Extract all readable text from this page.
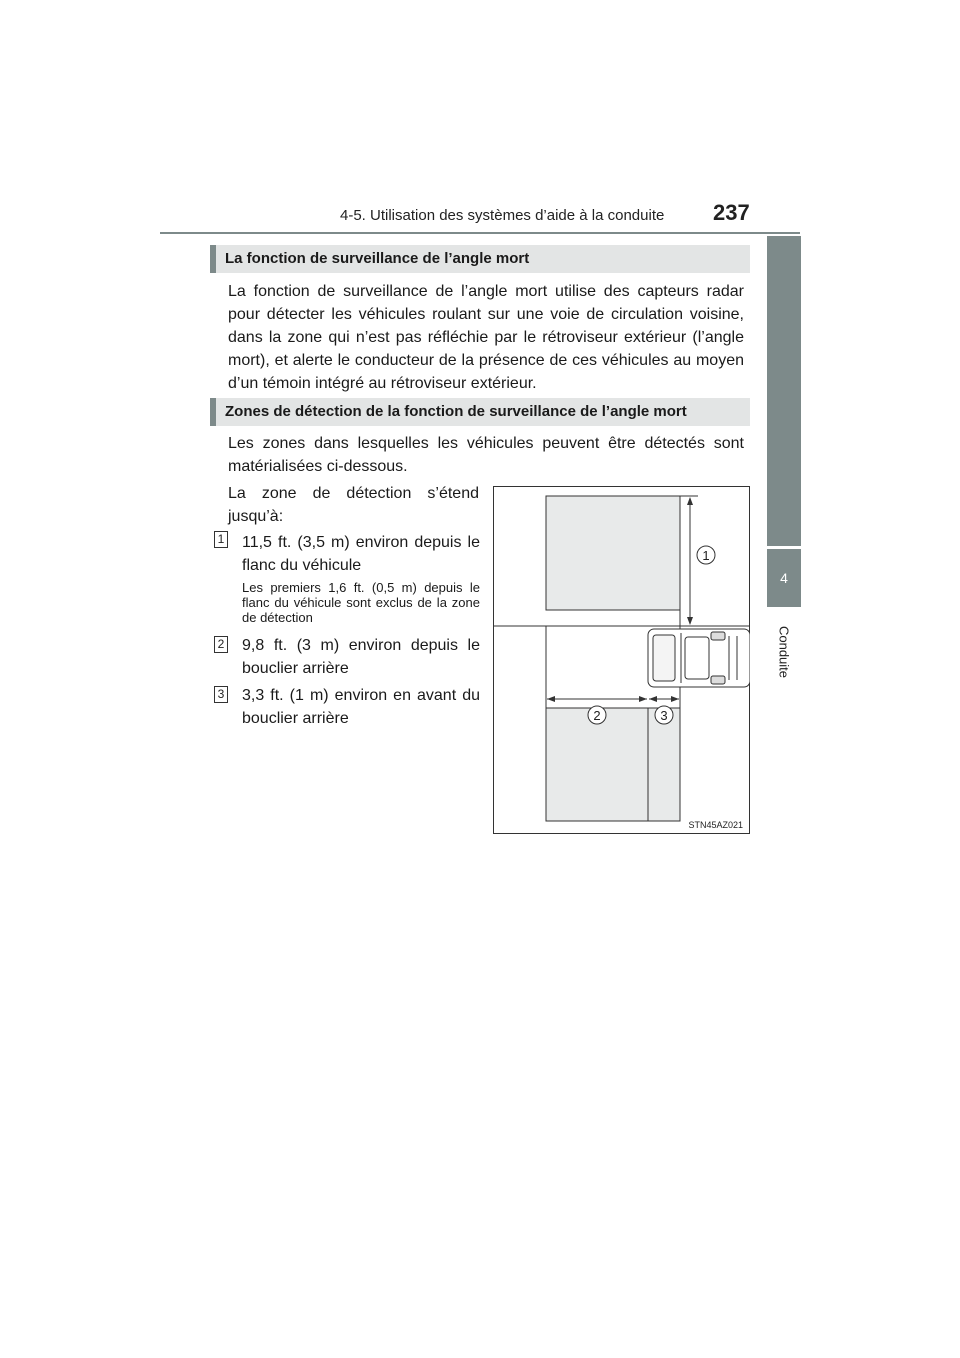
4-5. Utilisation des systèmes d’aide à la conduite 237
4
Conduite
La fonction de surveillance de l’angle mort
La fonction de surveillance de l’angle mort utilise des capteurs radar pour détecter les véhicules roulant sur une voie de circulation voisine, dans la zone qui n’est pas réfléchie par le rétroviseur extérieur (l’angle mort), et alerte le conducteur de la présence de ces véhicules au moyen d’un témoin intégré au rétroviseur extérieur.
Zones de détection de la fonction de surveillance de l’angle mort
Les zones dans lesquelles les véhicules peuvent être détectés sont matérialisées ci-dessous.
La zone de détection s’étend jusqu’à:
1 11,5 ft. (3,5 m) environ depuis le flanc du véhicule
Les premiers 1,6 ft. (0,5 m) depuis le flanc du véhicule sont exclus de la zone de détection
2 9,8 ft. (3 m) environ depuis le bouclier arrière
3 3,3 ft. (1 m) environ en avant du bouclier arrière
1
2	3
STN45AZ021
